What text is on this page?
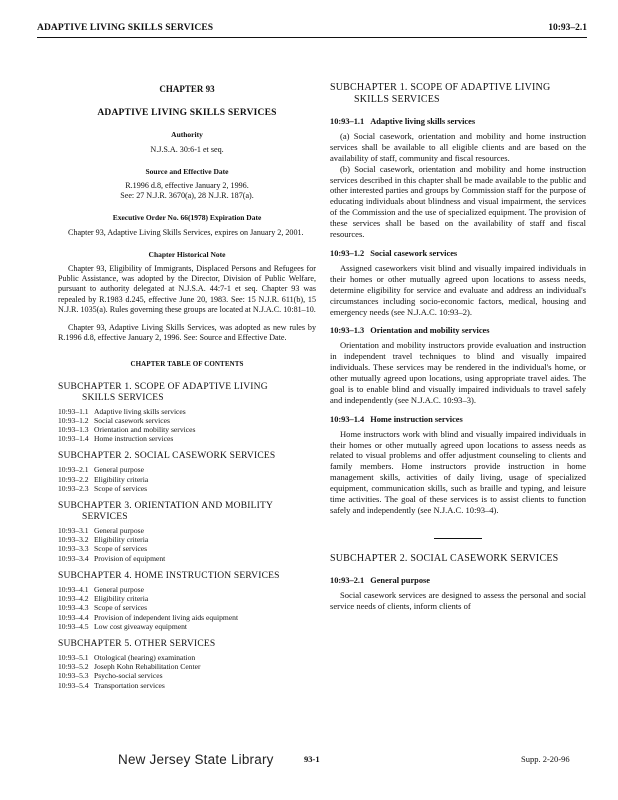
ADAPTIVE LIVING SKILLS SERVICES	10:93–2.1
CHAPTER 93
ADAPTIVE LIVING SKILLS SERVICES
Authority
N.J.S.A. 30:6-1 et seq.
Source and Effective Date
R.1996 d.8, effective January 2, 1996.
See: 27 N.J.R. 3670(a), 28 N.J.R. 187(a).
Executive Order No. 66(1978) Expiration Date

Chapter 93, Adaptive Living Skills Services, expires on January 2, 2001.

Chapter Historical Note

Chapter 93, Eligibility of Immigrants, Displaced Persons and Refugees for Public Assistance, was adopted by the Director, Division of Public Welfare, pursuant to authority delegated at N.J.S.A. 44:7-1 et seq. Chapter 93 was repealed by R.1983 d.245, effective June 20, 1983. See: 15 N.J.R. 611(b), 15 N.J.R. 1035(a). Rules governing these groups are located at N.J.A.C. 10:81–10.

Chapter 93, Adaptive Living Skills Services, was adopted as new rules by R.1996 d.8, effective January 2, 1996. See: Source and Effective Date.

CHAPTER TABLE OF CONTENTS
SUBCHAPTER 1. SCOPE OF ADAPTIVE LIVING
SKILLS SERVICES
10:93–1.1 Adaptive living skills services
10:93–1.2 Social casework services
10:93–1.3 Orientation and mobility services
10:93–1.4 Home instruction services
SUBCHAPTER 2. SOCIAL CASEWORK SERVICES
10:93–2.1 General purpose
10:93–2.2 Eligibility criteria
10:93–2.3 Scope of services
SUBCHAPTER 3. ORIENTATION AND MOBILITY
SERVICES
10:93–3.1 General purpose
10:93–3.2 Eligibility criteria
10:93–3.3 Scope of services
10:93–3.4 Provision of equipment
SUBCHAPTER 4. HOME INSTRUCTION SERVICES
10:93–4.1 General purpose
10:93–4.2 Eligibility criteria
10:93–4.3 Scope of services
10:93–4.4 Provision of independent living aids equipment
10:93–4.5 Low cost giveaway equipment
SUBCHAPTER 5. OTHER SERVICES
10:93–5.1 Otological (hearing) examination
10:93–5.2 Joseph Kohn Rehabilitation Center
10:93–5.3 Psycho-social services
10:93–5.4 Transportation services
SUBCHAPTER 1. SCOPE OF ADAPTIVE LIVING
SKILLS SERVICES
10:93–1.1 Adaptive living skills services

(a) Social casework, orientation and mobility and home instruction services shall be available to all eligible clients and are based on the availability of staff, community and fiscal resources.

(b) Social casework, orientation and mobility and home instruction services described in this chapter shall be made available to the public and other interested parties and groups by Commission staff for the purpose of educating individuals about blindness and visual impairment, the services of the Commission and the use of specialized equipment. The provision of these services shall be based on the availability of staff and fiscal resources.

10:93–1.2 Social casework services

Assigned caseworkers visit blind and visually impaired individuals in their homes or other mutually agreed upon locations to assess needs, determine eligibility for service and evaluate and address an individual's circumstances including socio-economic factors, medical, housing and emergency needs (see N.J.A.C. 10:93–2).

10:93–1.3 Orientation and mobility services

Orientation and mobility instructors provide evaluation and instruction in independent travel techniques to blind and visually impaired individuals. These services may be rendered in the individual's home, or other mutually agreed upon locations, using appropriate travel aides. The goal is to enable blind and visually impaired individuals to travel safely and independently (see N.J.A.C. 10:93–3).

10:93–1.4 Home instruction services

Home instructors work with blind and visually impaired individuals in their homes or other mutually agreed upon locations to assess needs as related to visual problems and offer adjustment counseling to clients and family members. Home instructors provide instruction in home management skills, activities of daily living, usage of specialized equipment, communication skills, such as braille and typing, and leisure time activities. The goal of these services is to assist clients to function safely and independently (see N.J.A.C. 10:93–4).

SUBCHAPTER 2. SOCIAL CASEWORK SERVICES
10:93–2.1 General purpose

Social casework services are designed to assess the personal and social service needs of clients, inform clients of

New Jersey State Library	93-1	Supp. 2-20-96
